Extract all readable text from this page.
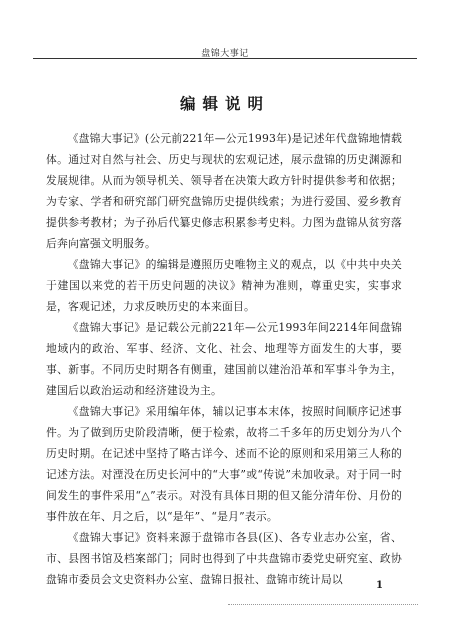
盘锦大事记
编辑说明

《盘锦大事记》(公元前221年—公元1993年)是记述年代盘锦地情载体。通过对自然与社会、历史与现状的宏观记述，展示盘锦的历史渊源和发展规律。从而为领导机关、领导者在决策大政方针时提供参考和依据；为专家、学者和研究部门研究盘锦历史提供线索；为进行爱国、爱乡教育提供参考教材；为子孙后代纂史修志积累参考史料。力图为盘锦从贫穷落后奔向富强文明服务。

《盘锦大事记》的编辑是遵照历史唯物主义的观点，以《中共中央关于建国以来党的若干历史问题的决议》精神为准则，尊重史实，实事求是，客观记述，力求反映历史的本来面目。

《盘锦大事记》是记载公元前221年—公元1993年间2214年间盘锦地域内的政治、军事、经济、文化、社会、地理等方面发生的大事，要事、新事。不同历史时期各有侧重，建国前以建治沿革和军事斗争为主，建国后以政治运动和经济建设为主。

《盘锦大事记》采用编年体，辅以记事本末体，按照时间顺序记述事件。为了做到历史阶段清晰，便于检索，故将二千多年的历史划分为八个历史时期。在记述中坚持了略古详今、述而不论的原则和采用第三人称的记述方法。对湮没在历史长河中的“大事”或“传说”未加收录。对于同一时间发生的事件采用“△”表示。对没有具体日期的但又能分清年份、月份的事件放在年、月之后，以“是年”、“是月”表示。

《盘锦大事记》资料来源于盘锦市各县(区)、各专业志办公室，省、市、县图书馆及档案部门；同时也得到了中共盘锦市委党史研究室、政协盘锦市委员会文史资料办公室、盘锦日报社、盘锦市统计局以	1
